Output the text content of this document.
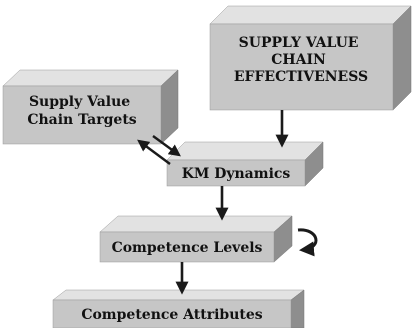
SUPPLY VALUE CHAIN EFFECTIVENESS
Supply Value Chain Targets
KM Dynamics
Competence Levels
Competence Attributes
